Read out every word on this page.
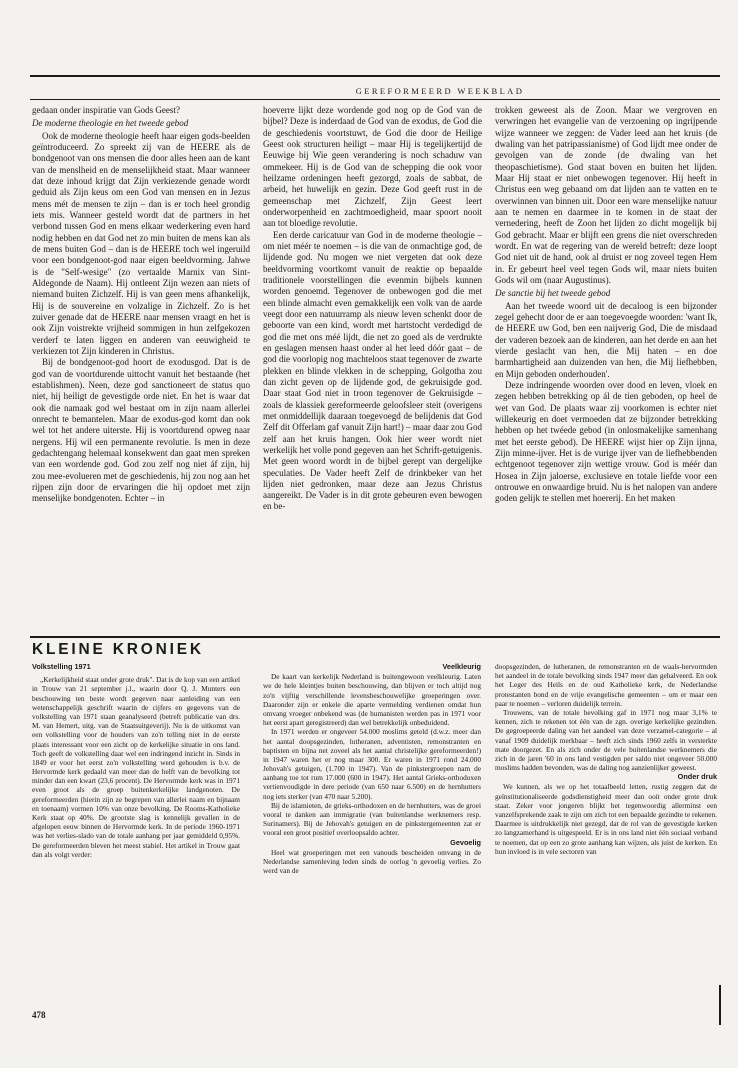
GEREFORMEERD WEEKBLAD

gedaan onder inspiratie van Gods Geest?

De moderne theologie en het tweede gebod

Ook de moderne theologie heeft haar eigen gods-beelden geïntroduceerd. Zo spreekt zij van de HEERE als de bondgenoot van ons mensen die door alles heen aan de kant van de menslheid en de menselijkheid staat. Maar wanneer dat deze inhoud krijgt dat Zijn verkiezende genade wordt geduid als Zijn keus om een God van mensen en in Jezus mens mét de mensen te zijn – dan is er toch heel grondig iets mis. Wanneer gesteld wordt dat de partners in het verbond tussen God en mens elkaar wederkering even hard nodig hebben en dat God net zo min buiten de mens kan als de mens buiten God – dan is de HEERE toch wel ingeruild voor een bondgenoot-god naar eigen beeldvorming. Jahwe is de "Self-wesige" (zo vertaalde Marnix van Sint-Aldegonde de Naam). Hij ontleent Zijn wezen aan niets of niemand buiten Zichzelf. Hij is van geen mens afhankelijk, Hij is de souvereine en volzalige in Zichzelf. Zo is het zuiver genade dat de HEERE naar mensen vraagt en het is ook Zijn voistrekte vrijheid sommigen in hun zelfgekozen verderf te laten liggen en anderen van eeuwigheid te verkiezen tot Zijn kinderen in Christus.

Bij de bondgenoot-god hoort de exodusgod. Dat is de god van de voortdurende uittocht vanuit het bestaande (het establishmen). Neen, deze god sanctioneert de status quo niet, hij heiligt de gevestigde orde niet. En het is waar dat ook die namaak god wel bestaat om in zijn naam allerlei onrecht te bemantelen. Maar de exodus-god komt dan ook wel tot het andere uiterste. Hij is voortdurend opweg naar nergens. Hij wil een permanente revolutie. Is men in deze gedachtengang helemaal konsekwent dan gaat men spreken van een wordende god. God zou zelf nog niet áf zijn, hij zou mee-evolueren met de geschiedenis, hij zou nog aan het rijpen zijn door de ervaringen die hij opdoet met zijn menselijke bondgenoten. Echter – in

hoeverre lijkt deze wordende god nog op de God van de bijbel? Deze is inderdaad de God van de exodus, de God die de geschiedenis voortstuwt, de God die door de Heilige Geest ook structuren heiligt – maar Hij is tegelijkertijd de Eeuwige bij Wie geen verandering is noch schaduw van ommekeer. Hij is de God van de schepping die ook voor heilzame ordeningen heeft gezorgd, zoals de sabbat, de arbeid, het huwelijk en gezin. Deze God geeft rust in de gemeenschap met Zichzelf, Zijn Geest leert onderworpenheid en zachtmoedigheid, maar spoort nooit aan tot bloedige revolutie.

Een derde caricatuur van God in de moderne theologie – om niet méér te noemen – is die van de onmachtige god, de lijdende god. Nu mogen we niet vergeten dat ook deze beeldvorming voortkomt vanuit de reaktie op bepaalde traditionele voorstellingen die evenmin bijbels kunnen worden genoemd. Tegenover de onbewogen god die met een blinde almacht even gemakkelijk een volk van de aarde veegt door een natuurramp als nieuw leven schenkt door de geboorte van een kind, wordt met hartstocht verdedigd de god die met ons méé lijdt, die net zo goed als de verdrukte en geslagen mensen haast onder al het leed dóór gaat – de god die voorlopig nog machteloos staat tegenover de zwarte plekken en blinde vlekken in de schepping, Golgotha zou dan zicht geven op de lijdende god, de gekruisigde god. Daar staat God niet in troon tegenover de Gekruisigde – zoals de klassiek gereformeerde geloofsleer steit (overigens met onmiddellijk daaraan toegevoegd de belijdenis dat God Zelf dit Offerlam gaf vanuit Zijn hart!) – maar daar zou God zelf aan het kruis hangen. Ook hier weer wordt niet werkelijk het volle pond gegeven aan het Schrift-getuigenis. Met geen woord wordt in de bijbel gerept van dergelijke speculaties. De Vader heeft Zelf de drinkbeker van het lijden niet gedronken, maar deze aan Jezus Christus aangereikt. De Vader is in dit grote gebeuren even bewogen en be-

trokken geweest als de Zoon. Maar we vergroven en verwringen het evangelie van de verzoening op ingrijpende wijze wanneer we zeggen: de Vader leed aan het kruis (de dwaling van het patripassianisme) of God lijdt mee onder de gevolgen van de zonde (de dwaling van het theopaschietisme). God staat boven en buiten het lijden. Maar Hij staat er niet onbewogen tegenover. Hij heeft in Christus een weg gebaand om dat lijden aan te vatten en te overwinnen van binnen uit. Door een ware menselijke natuur aan te nemen en daarmee in te komen in de staat der vernedering, heeft de Zoon het lijden zo dicht mogelijk bij God gebracht. Maar er blijft een grens die niet overschreden wordt. En wat de regering van de wereld betreft: deze loopt God niet uit de hand, ook al druist er nog zoveel tegen Hem in. Er gebeurt heel veel tegen Gods wil, maar niets buiten Gods wil om (naar Augustinus).

De sanctie bij het tweede gebod

Aan het tweede woord uit de decaloog is een bijzonder zegel gehecht door de er aan toegevoegde woorden: 'want Ik, de HEERE uw God, ben een naijverig God, Die de misdaad der vaderen bezoek aan de kinderen, aan het derde en aan het vierde geslacht van hen, die Mij haten – en doe barmhartigheid aan duizenden van hen, die Mij liefhebben, en Mijn geboden onderhouden'.

Deze indringende woorden over dood en leven, vloek en zegen hebben betrekking op ál de tien geboden, op heel de wet van God. De plaats waar zij voorkomen is echter niet willekeurig en doet vermoeden dat ze bijzonder betrekking hebben op het twéede gebod (in onlosmakelijke samenhang met het eerste gebod). De HEERE wijst hier op Zijn ijnna, Zijn minne-ijver. Het is de vurige ijver van de liefhebbenden echtgenoot tegenover zijn wettige vrouw. God is méér dan Hosea in Zijn jaloerse, exclusieve en totale liefde voor een ontrouwe en onwaardige bruid. Nu is het nalopen van andere goden gelijk te stellen met hoererij. En het maken

KLEINE KRONIEK

Volkstelling 1971

„Kerkelijkheid staat onder grote druk". Dat is de kop van een artikel in Trouw van 21 september j.l., waarin door Q. J. Munters een beschouwing ten beste wordt gegeven naar aanleiding van een wetenschappelijk geschrift waarin de cijfers en gegevens van de volkstelling van 1971 staan geanalyseerd (betreft publicatie van drs. M. van Hemert, uitg. van de Staatsuitgeverij). Nu is de uitkomst van een volkstelling voor de houders van zo'n telling niet in de eerste plaats interessant voor een zicht op de kerkelijke situatie in ons land. Toch geeft de volkstelling daar wel een indringend inzicht in. Sinds in 1849 er voor het eerst zo'n volkstelling werd gehouden is b.v. de Hervormde kerk gedaald van meer dan de helft van de bevolking tot minder dan een kwart (23,6 procent). De Hervormde kerk was in 1971 even groot als de groep buitenkerkelijke landgenoten. De gereformeerden (hierin zijn ze begrepen van allerlei naam en bijnaam en toenaam) vormen 10% van onze bevolking. De Rooms-Katholieke Kerk staat op 40%. De grootste slag is kennelijk gevallen in de afgelopen eeuw binnen de Hervormde kerk. In de periode 1960-1971 was het verlies-slado van de totale aanhang per jaar gemiddeld 0,95%. De gereformeerden bleven het meest stabiel. Het artikel in Trouw gaat dan als volgt verder:

Veelkleurig

De kaart van kerkelijk Nederland is buitengewoon veelkleurig. Laten we de hele kleintjes buiten beschouwing, dan blijven er toch altijd nog zo'n vijftig verschillende levensbeschouwelijke groeperingen over. Daaronder zijn er enkele die aparte vermelding verdienen omdat hun omvang vroeger onbekend was (de humanisten werden pas in 1971 voor het eerst apart geregistreerd) dan wel betrekkelijk onbeduidend.

In 1971 werden er ongeveer 54.000 moslims geteld (d.w.z. meer dan het aantal doopsgezinden, lutheranen, adventisten, remonstranten en baptisten en bijna net zoveel als het aantal christelijke gereformeerden!) in 1947 waren het er nog maar 300. Er waren in 1971 rond 24.000 Jehovah's getuigen, (1.700 in 1947). Van de pinkstergroepen nam de aanhang toe tot rum 17.000 (600 in 1947). Het aantal Grieks-orthodoxen vertienvoudigde in dere periode (van 650 naar 6.500) en de hernhutters nog iets sterker (van 470 naar 5.200).

Bij de islamieten, de grieks-orthodoxen en de hernhutters, was de groei vooral te danken aan immigratie (van buitenlandse werknemers resp. Surinamers). Bij de Jehovah's getuigen en de pinkstergemeenten zat er vooral een groot positief overloopsaldo achter.

Gevoelig

Heel wat groeperingen met een vanouds bescheiden omvang in de Nederlandse samenleving leden sinds de oorlog 'n gevoelig verlies. Zo werd van de

doopsgezinden, de lutheranen, de remonstranten en de waals-hervormden het aandeel in de totale bevolking sinds 1947 meer dan gehalveerd. En ook het Leger des Heils en de oud Katholieke kerk, de Nederlandse protestanten bond en de vrije evangelische gemeenten – om er maar een paar te noemen – verloren duidelijk terrein.

Trouwens, van de totale bevolking gaf in 1971 nog maar 3,1% te kennen, zich te rekenen tot één van de zgn. overige kerkelijke gezindten. De gegroepeerde daling van het aandeel van deze verzamel-categorie – al vanaf 1909 duidelijk merkbaar – heeft zich sinds 1960 zelfs in versterkte mate doorgezet. En als zich onder de vele buitenlandse werknemers die zich in de jaren '60 in ons land vestigden per saldo niet ongeveer 50.000 moslims hadden bevonden, was de daling nog aanzienlijker geweest.

Onder druk

We kunnen, als we op het totaalbeeld letten, rustig zeggen dat de geïnstitutionaliseerde godsdienstigheid meer dan ooit onder grote druk staat. Zeker voor jongeren blijkt het tegenwoordig allerminst een vanzelfsprekende zaak te zijn om zich tot een bepaalde gezindte te rekenen. Daarmee is uitdrukkelijk niet gezegd, dat de rol van de gevestigde kerken zo langzamerhand is uitgespeeld. Er is in ons land niet één sociaal verband te noemen, dat op een zo grote aanhang kan wijzen, als juist de kerken. En hun invloed is in vele sectoren van

478
